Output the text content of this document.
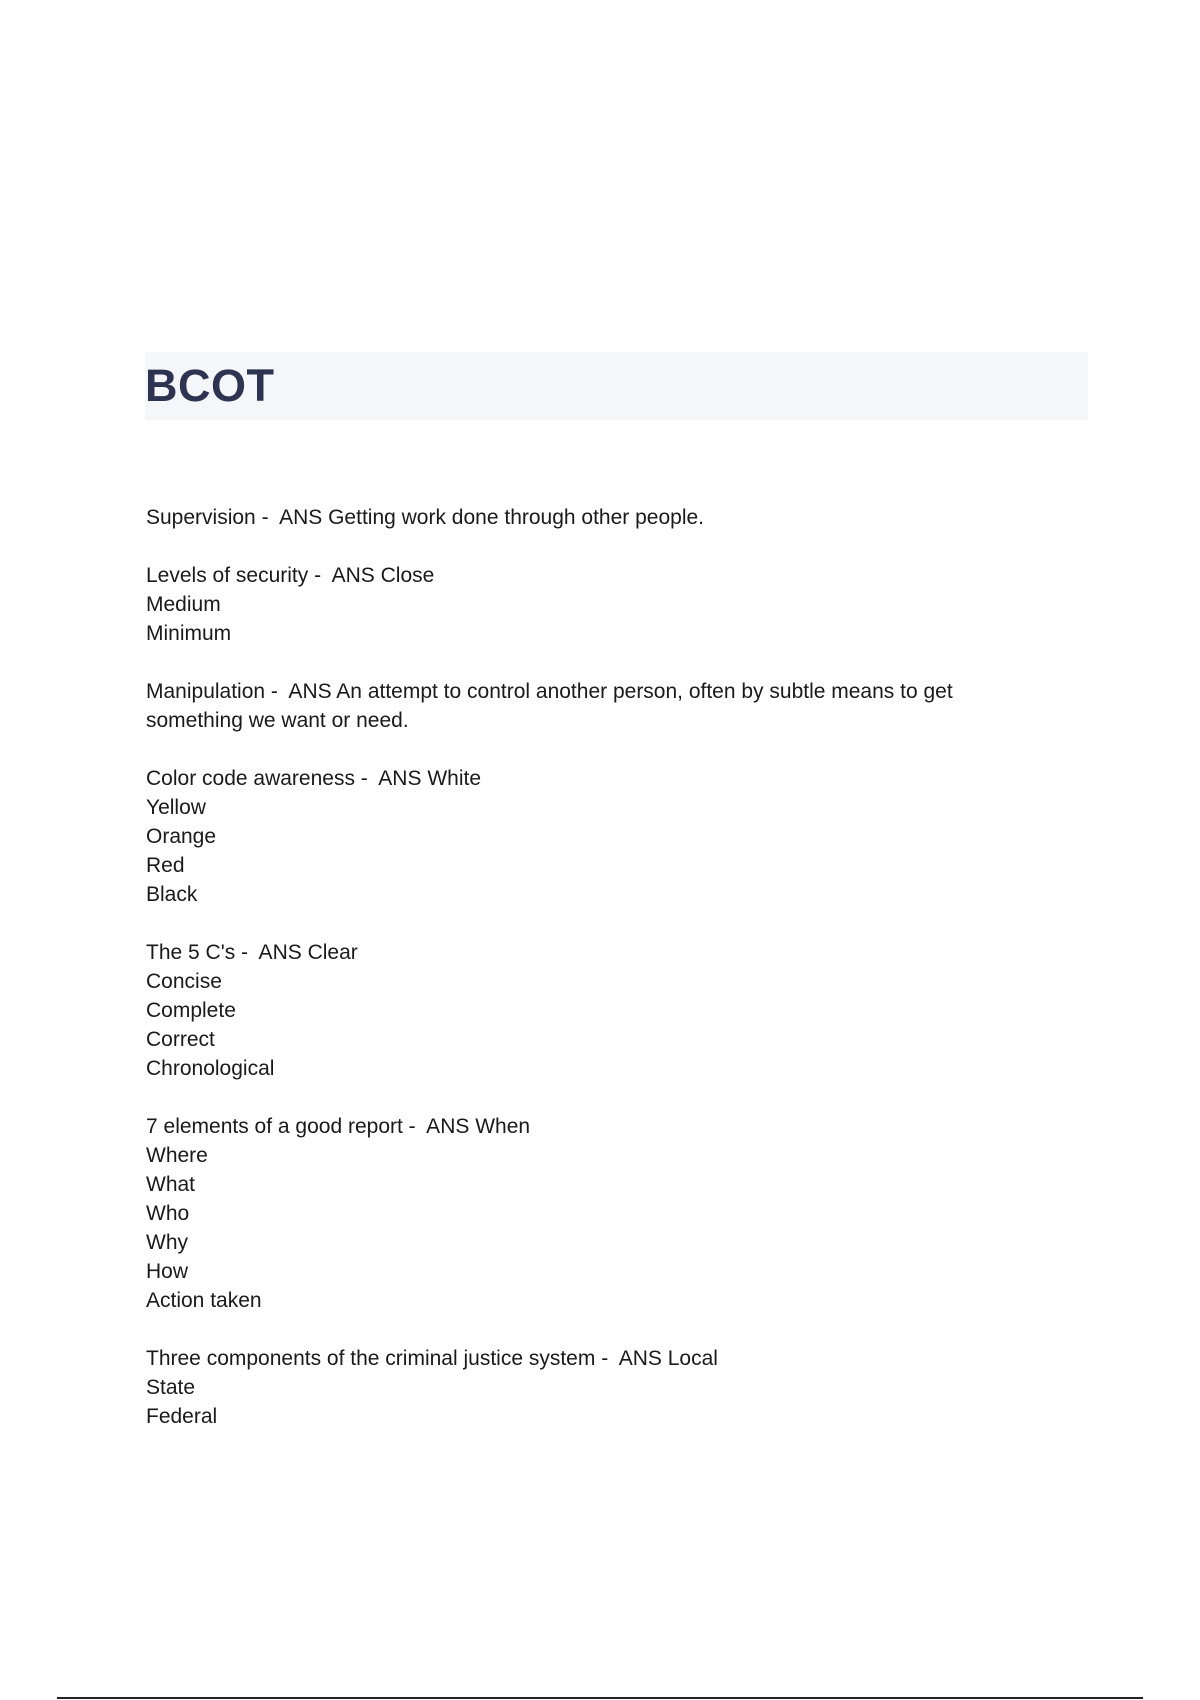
BCOT
Supervision -  ANS Getting work done through other people.
Levels of security -  ANS Close
Medium
Minimum
Manipulation -  ANS An attempt to control another person, often by subtle means to get
something we want or need.
Color code awareness -  ANS White
Yellow
Orange
Red
Black
The 5 C's -  ANS Clear
Concise
Complete
Correct
Chronological
7 elements of a good report -  ANS When
Where
What
Who
Why
How
Action taken
Three components of the criminal justice system -  ANS Local
State
Federal
